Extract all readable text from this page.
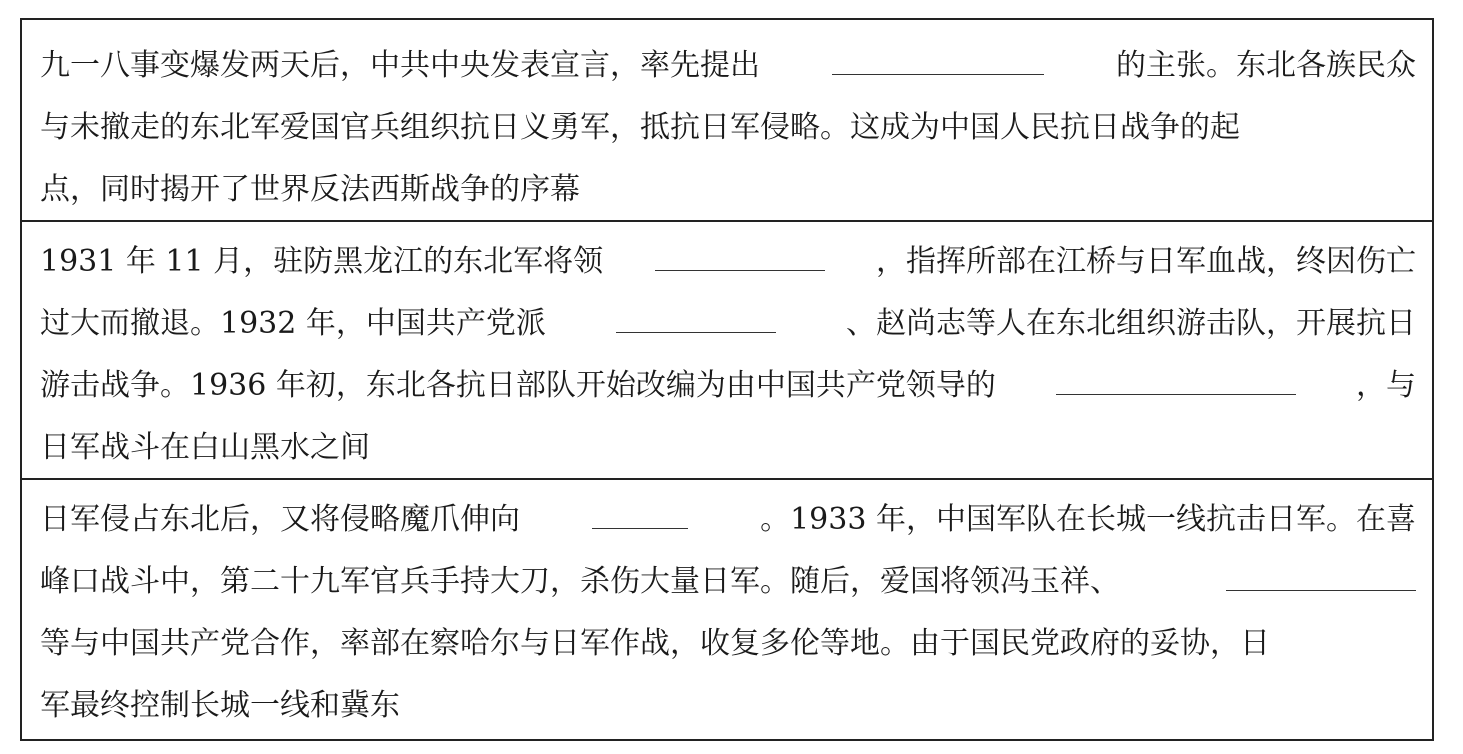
九一八事变爆发两天后，中共中央发表宣言，率先提出	的主张。东北各族民众
与未撤走的东北军爱国官兵组织抗日义勇军，抵抗日军侵略。这成为中国人民抗日战争的起
点，同时揭开了世界反法西斯战争的序幕
1931 年 11 月，驻防黑龙江的东北军将领	，指挥所部在江桥与日军血战，终因伤亡
过大而撤退。1932 年，中国共产党派	、赵尚志等人在东北组织游击队，开展抗日
游击战争。1936 年初，东北各抗日部队开始改编为由中国共产党领导的	，与
日军战斗在白山黑水之间
日军侵占东北后，又将侵略魔爪伸向	。1933 年，中国军队在长城一线抗击日军。在喜
峰口战斗中，第二十九军官兵手持大刀，杀伤大量日军。随后，爱国将领冯玉祥、
等与中国共产党合作，率部在察哈尔与日军作战，收复多伦等地。由于国民党政府的妥协，日
军最终控制长城一线和冀东
